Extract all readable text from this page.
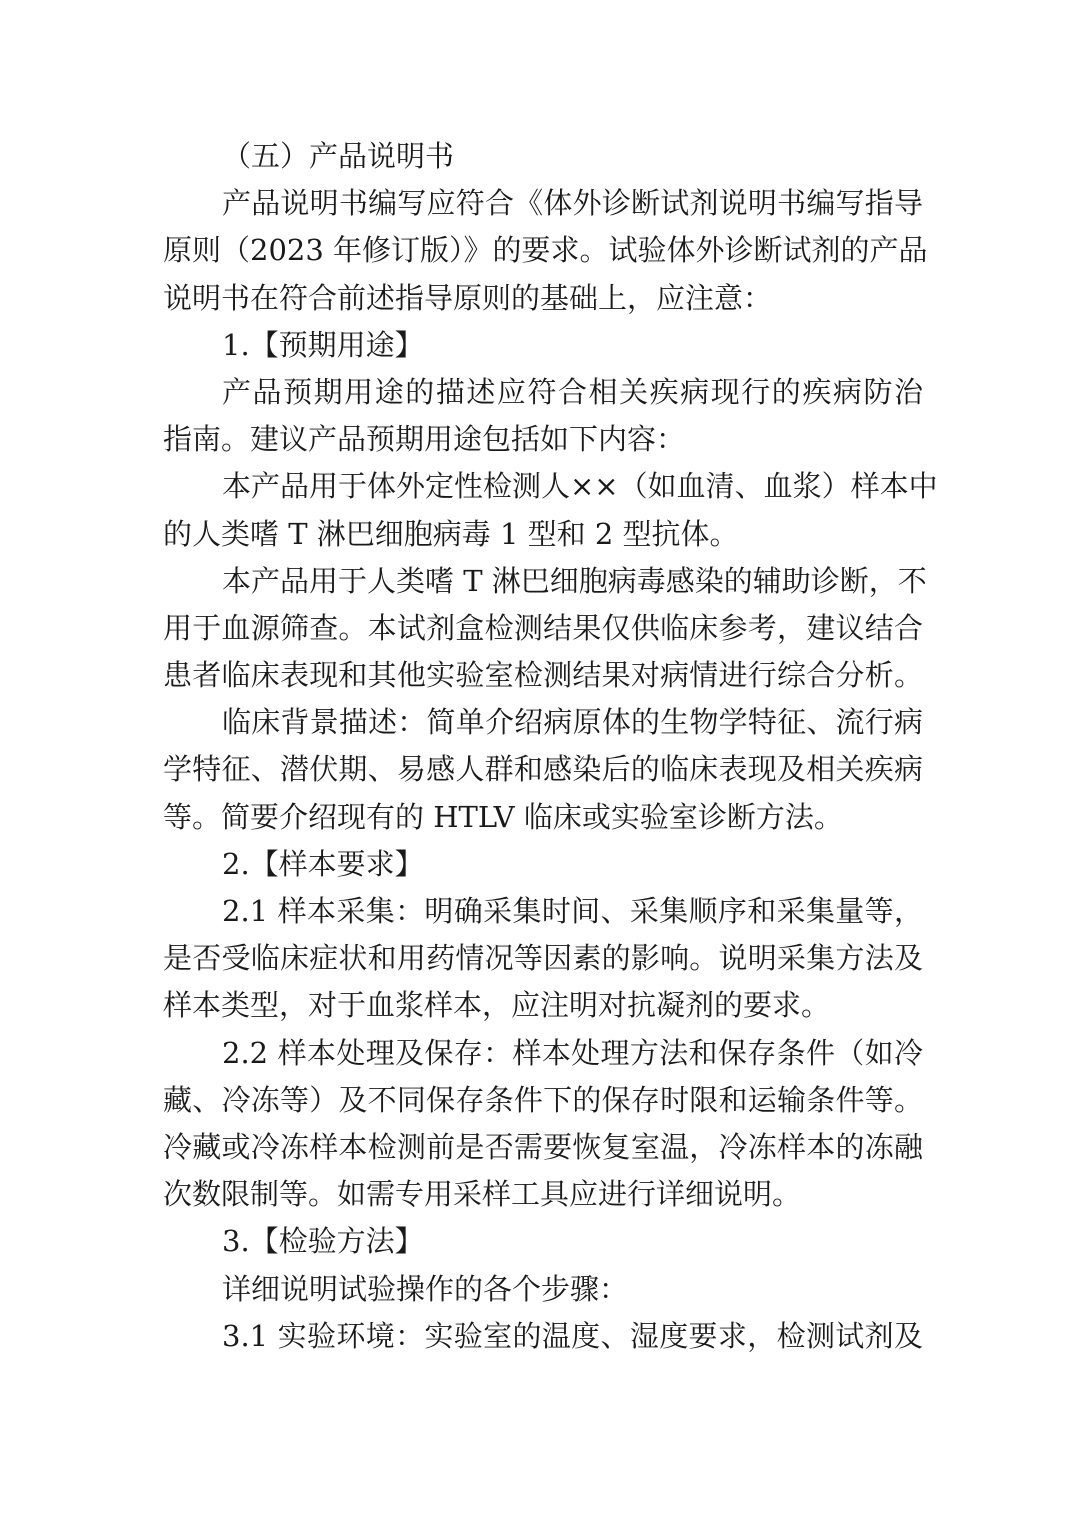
（五）产品说明书
产品说明书编写应符合《体外诊断试剂说明书编写指导
原则（2023 年修订版）》的要求。试验体外诊断试剂的产品
说明书在符合前述指导原则的基础上，应注意：
1.【预期用途】
产品预期用途的描述应符合相关疾病现行的疾病防治
指南。建议产品预期用途包括如下内容：
本产品用于体外定性检测人××（如血清、血浆）样本中
的人类嗜 T 淋巴细胞病毒 1 型和 2 型抗体。
本产品用于人类嗜 T 淋巴细胞病毒感染的辅助诊断，不
用于血源筛查。本试剂盒检测结果仅供临床参考，建议结合
患者临床表现和其他实验室检测结果对病情进行综合分析。
临床背景描述：简单介绍病原体的生物学特征、流行病
学特征、潜伏期、易感人群和感染后的临床表现及相关疾病
等。简要介绍现有的 HTLV 临床或实验室诊断方法。
2.【样本要求】
2.1 样本采集：明确采集时间、采集顺序和采集量等，
是否受临床症状和用药情况等因素的影响。说明采集方法及
样本类型，对于血浆样本，应注明对抗凝剂的要求。
2.2 样本处理及保存：样本处理方法和保存条件（如冷
藏、冷冻等）及不同保存条件下的保存时限和运输条件等。
冷藏或冷冻样本检测前是否需要恢复室温，冷冻样本的冻融
次数限制等。如需专用采样工具应进行详细说明。
3.【检验方法】
详细说明试验操作的各个步骤：
3.1 实验环境：实验室的温度、湿度要求，检测试剂及
